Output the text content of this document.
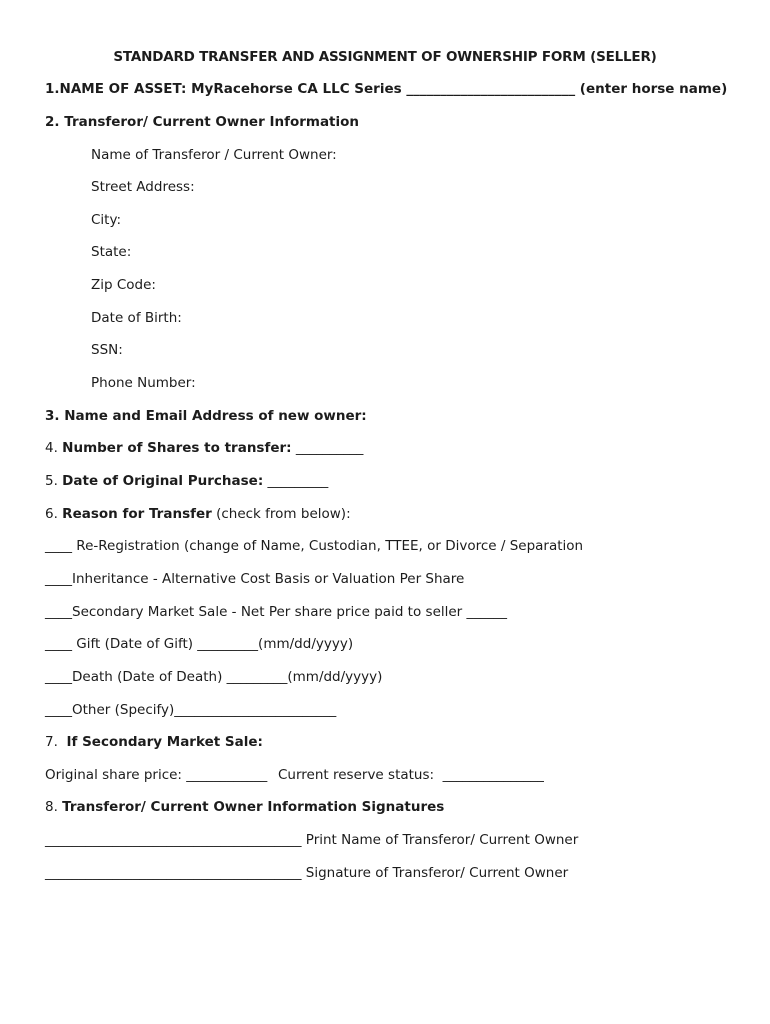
STANDARD TRANSFER AND ASSIGNMENT OF OWNERSHIP FORM (SELLER)
1.NAME OF ASSET: MyRacehorse CA LLC Series _________________________ (enter horse name)
2. Transferor/ Current Owner Information
Name of Transferor / Current Owner:
Street Address:
City:
State:
Zip Code:
Date of Birth:
SSN:
Phone Number:
3. Name and Email Address of new owner:
4. Number of Shares to transfer: __________
5. Date of Original Purchase: _________
6. Reason for Transfer (check from below):
____ Re-Registration (change of Name, Custodian, TTEE, or Divorce / Separation
____Inheritance - Alternative Cost Basis or Valuation Per Share
____Secondary Market Sale - Net Per share price paid to seller ______
____ Gift (Date of Gift) _________(mm/dd/yyyy)
____Death (Date of Death) _________(mm/dd/yyyy)
____Other (Specify)________________________
7.  If Secondary Market Sale:
Original share price: ____________ Current reserve status:  _______________
8. Transferor/ Current Owner Information Signatures
______________________________________ Print Name of Transferor/ Current Owner
______________________________________ Signature of Transferor/ Current Owner
